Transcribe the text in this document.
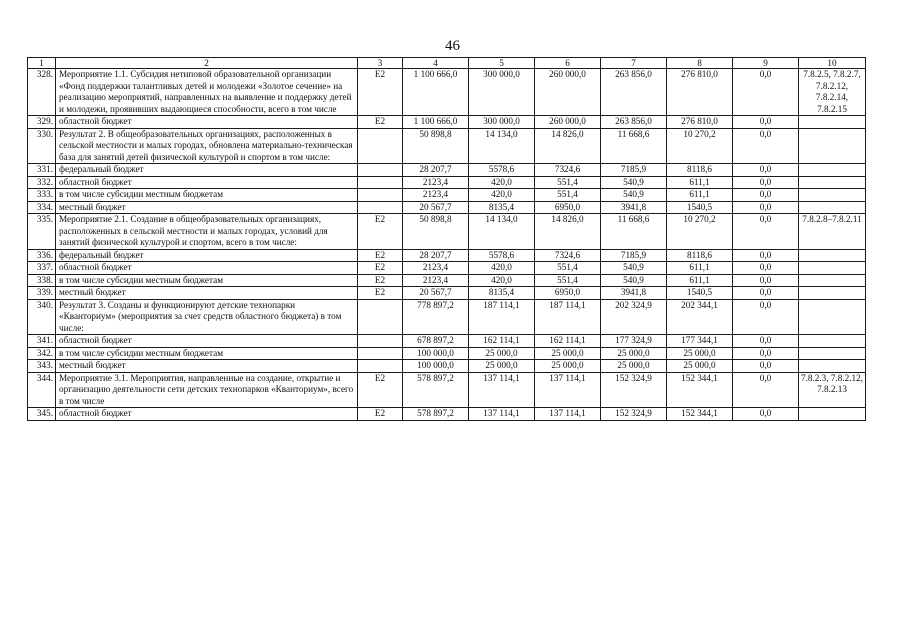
46
1	2	3	4	5	6	7	8	9	10
328.	Мероприятие 1.1. Субсидия нетиповой образовательной организации «Фонд поддержки талантливых детей и молодежи «Золотое сечение» на реализацию мероприятий, направленных на выявление и поддержку детей и молодежи, проявивших выдающиеся способности, всего в том числе	Е2	1 100 666,0	300 000,0	260 000,0	263 856,0	276 810,0	0,0	7.8.2.5, 7.8.2.7, 7.8.2.12, 7.8.2.14, 7.8.2.15
329.	областной бюджет	Е2	1 100 666,0	300 000,0	260 000,0	263 856,0	276 810,0	0,0	
330.	Результат 2. В общеобразовательных организациях, расположенных в сельской местности и малых городах, обновлена материально-техническая база для занятий детей физической культурой и спортом в том числе:		50 898,8	14 134,0	14 826,0	11 668,6	10 270,2	0,0	
331.	федеральный бюджет		28 207,7	5578,6	7324,6	7185,9	8118,6	0,0	
332.	областной бюджет		2123,4	420,0	551,4	540,9	611,1	0,0	
333.	в том числе субсидии местным бюджетам		2123,4	420,0	551,4	540,9	611,1	0,0	
334.	местный бюджет		20 567,7	8135,4	6950,0	3941,8	1540,5	0,0	
335.	Мероприятие 2.1. Создание в общеобразовательных организациях, расположенных в сельской местности и малых городах, условий для занятий физической культурой и спортом, всего в том числе:	Е2	50 898,8	14 134,0	14 826,0	11 668,6	10 270,2	0,0	7.8.2.8–7.8.2.11
336.	федеральный бюджет	Е2	28 207,7	5578,6	7324,6	7185,9	8118,6	0,0	
337.	областной бюджет	Е2	2123,4	420,0	551,4	540,9	611,1	0,0	
338.	в том числе субсидии местным бюджетам	Е2	2123,4	420,0	551,4	540,9	611,1	0,0	
339.	местный бюджет	Е2	20 567,7	8135,4	6950,0	3941,8	1540,5	0,0	
340.	Результат 3. Созданы и функционируют детские технопарки «Кванториум» (мероприятия за счет средств областного бюджета) в том числе:		778 897,2	187 114,1	187 114,1	202 324,9	202 344,1	0,0	
341.	областной бюджет		678 897,2	162 114,1	162 114,1	177 324,9	177 344,1	0,0	
342.	в том числе субсидии местным бюджетам		100 000,0	25 000,0	25 000,0	25 000,0	25 000,0	0,0	
343.	местный бюджет		100 000,0	25 000,0	25 000,0	25 000,0	25 000,0	0,0	
344.	Мероприятие 3.1. Мероприятия, направленные на создание, открытие и организацию деятельности сети детских технопарков «Кванториум», всего в том числе	Е2	578 897,2	137 114,1	137 114,1	152 324,9	152 344,1	0,0	7.8.2.3, 7.8.2.12, 7.8.2.13
345.	областной бюджет	Е2	578 897,2	137 114,1	137 114,1	152 324,9	152 344,1	0,0	
